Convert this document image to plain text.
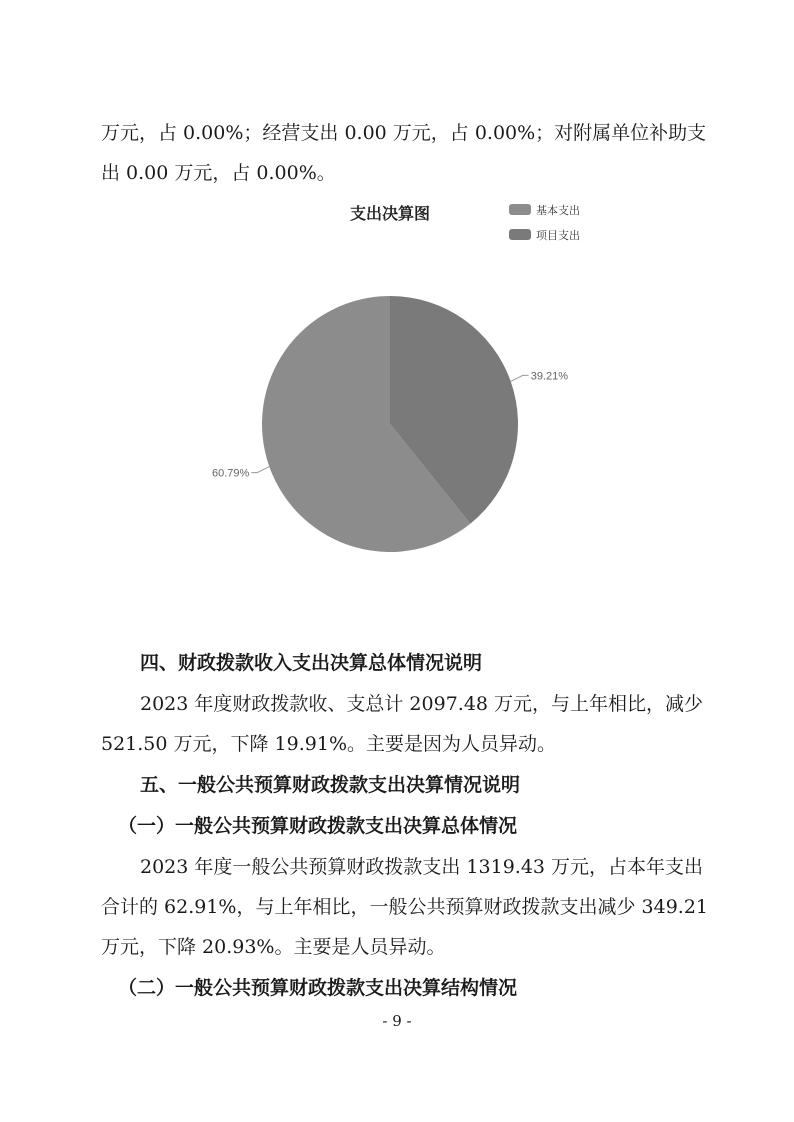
万元，占 0.00%；经营支出 0.00 万元，占 0.00%；对附属单位补助支
出 0.00 万元，占 0.00%。
支出决算图	基本支出
项目支出
39.21%
60.79%
四、财政拨款收入支出决算总体情况说明
2023 年度财政拨款收、支总计 2097.48 万元，与上年相比，减少
521.50 万元，下降 19.91%。主要是因为人员异动。
五、一般公共预算财政拨款支出决算情况说明
（一）一般公共预算财政拨款支出决算总体情况
2023 年度一般公共预算财政拨款支出 1319.43 万元，占本年支出
合计的 62.91%，与上年相比，一般公共预算财政拨款支出减少 349.21
万元，下降 20.93%。主要是人员异动。
（二）一般公共预算财政拨款支出决算结构情况
- 9 -
